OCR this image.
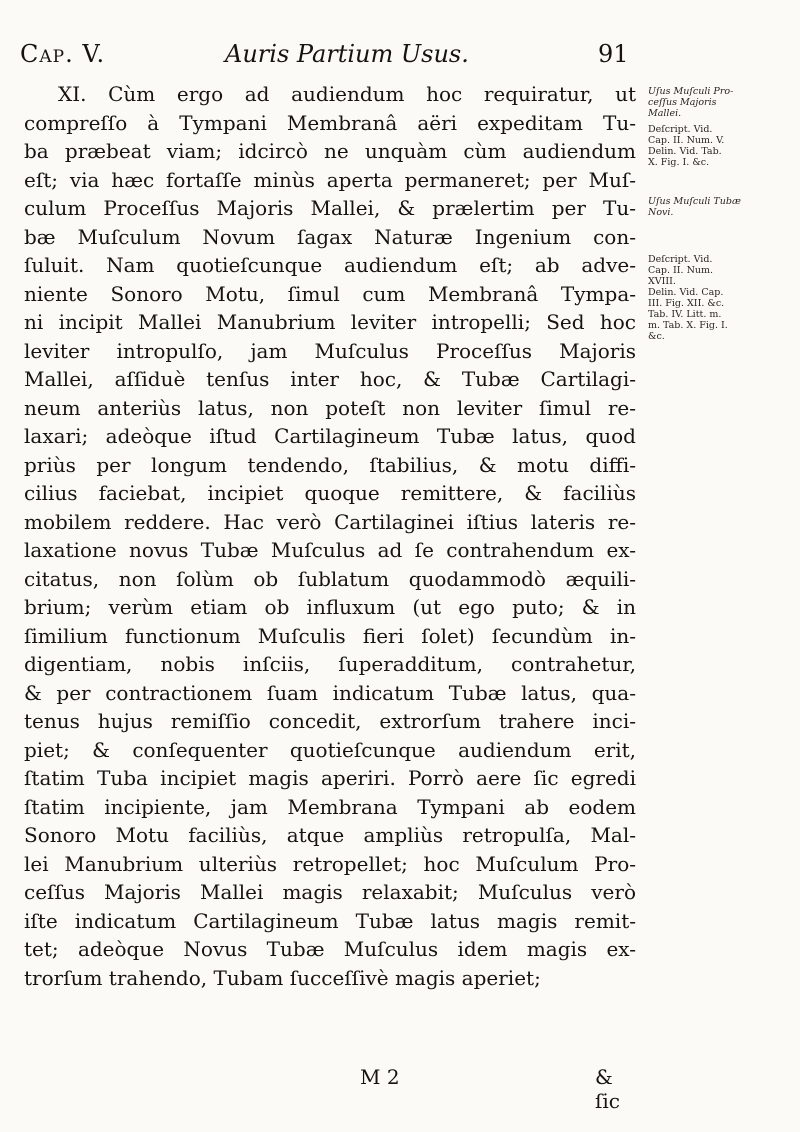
Cap. V.	Auris Partium Usus.	91
XI. Cùm ergo ad audiendum hoc requiratur, ut
compreſſo à Tympani Membranâ aëri expeditam Tu-
ba præbeat viam; idcircò ne unquàm cùm audiendum
eſt; via hæc fortaſſe minùs aperta permaneret; per Muſ-
culum Proceſſus Majoris Mallei, & prælertim per Tu-
bæ Muſculum Novum ſagax Naturæ Ingenium con-
ſuluit. Nam quotieſcunque audiendum eſt; ab adve-
niente Sonoro Motu, ſimul cum Membranâ Tympa-
ni incipit Mallei Manubrium leviter intropelli; Sed hoc
leviter intropulſo, jam Muſculus Proceſſus Majoris
Mallei, aſſiduè tenſus inter hoc, & Tubæ Cartilagi-
neum anteriùs latus, non poteſt non leviter ſimul re-
laxari; adeòque iſtud Cartilagineum Tubæ latus, quod
priùs per longum tendendo, ſtabilius, & motu diffi-
cilius faciebat, incipiet quoque remittere, & faciliùs
mobilem reddere. Hac verò Cartilaginei iſtius lateris re-
laxatione novus Tubæ Muſculus ad ſe contrahendum ex-
citatus, non ſolùm ob ſublatum quodammodò æquili-
brium; verùm etiam ob influxum (ut ego puto; & in
ſimilium functionum Muſculis fieri ſolet) ſecundùm in-
digentiam, nobis inſciis, ſuperadditum, contrahetur,
& per contractionem ſuam indicatum Tubæ latus, qua-
tenus hujus remiſſio concedit, extrorſum trahere inci-
piet; & conſequenter quotieſcunque audiendum erit,
ſtatim Tuba incipiet magis aperiri. Porrò aere ſic egredi
ſtatim incipiente, jam Membrana Tympani ab eodem
Sonoro Motu faciliùs, atque ampliùs retropulſa, Mal-
lei Manubrium ulteriùs retropellet; hoc Muſculum Pro-
ceſſus Majoris Mallei magis relaxabit; Muſculus verò
iſte indicatum Cartilagineum Tubæ latus magis remit-
tet; adeòque Novus Tubæ Muſculus idem magis ex-
trorſum trahendo, Tubam ſucceſſivè magis aperiet;
Uſus Muſculi Pro-
ceſſus Majoris
Mallei.
Deſcript. Vid.
Cap. II. Num. V.
Delin. Vid. Tab.
X. Fig. I. &c.
Uſus Muſculi Tubæ
Novi.
Deſcript. Vid.
Cap. II. Num.
XVIII.
Delin. Vid. Cap.
III. Fig. XII. &c.
Tab. IV. Litt. m.
m. Tab. X. Fig. I.
&c.
M 2	& ſic
